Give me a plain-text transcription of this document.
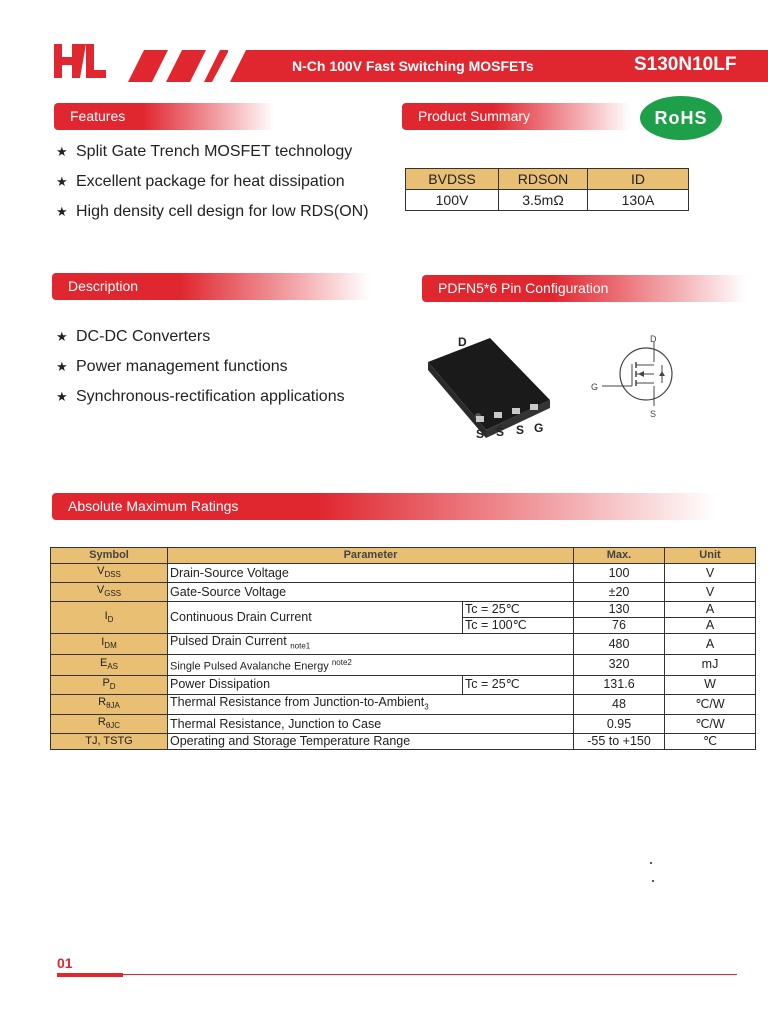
N-Ch 100V Fast Switching MOSFETs	S130N10LF
Features
★ Split Gate Trench MOSFET technology
★ Excellent package for heat dissipation
★ High density cell design for low RDS(ON)
Product Summary	RoHS
BVDSS	RDSON	ID
100V	3.5mΩ	130A
Description
★ DC-DC Converters
★ Power management functions
★ Synchronous-rectification applications
PDFN5*6 Pin Configuration
D
S S S G
D
G
S
Absolute Maximum Ratings
Symbol	Parameter		Max.	Unit
$V_{DSS}$	Drain-Source Voltage		100	V
$V_{GSS}$	Gate-Source Voltage		±20	V
$I_D$	Continuous Drain Current	Tc = 25℃	130	A
		Tc = 100℃	76	A
$I_{DM}$	Pulsed Drain Current $_{note1}$		480	A
$E_{AS}$	Single Pulsed Avalanche Energy $^{note2}$		320	mJ
$P_D$	Power Dissipation	Tc = 25℃	131.6	W
$R_{\theta JA}$	Thermal Resistance from Junction-to-Ambient$_3$		48	℃/W
$R_{\theta JC}$	Thermal Resistance, Junction to Case		0.95	℃/W
TJ, TSTG	Operating and Storage Temperature Range		-55 to +150	℃
01
